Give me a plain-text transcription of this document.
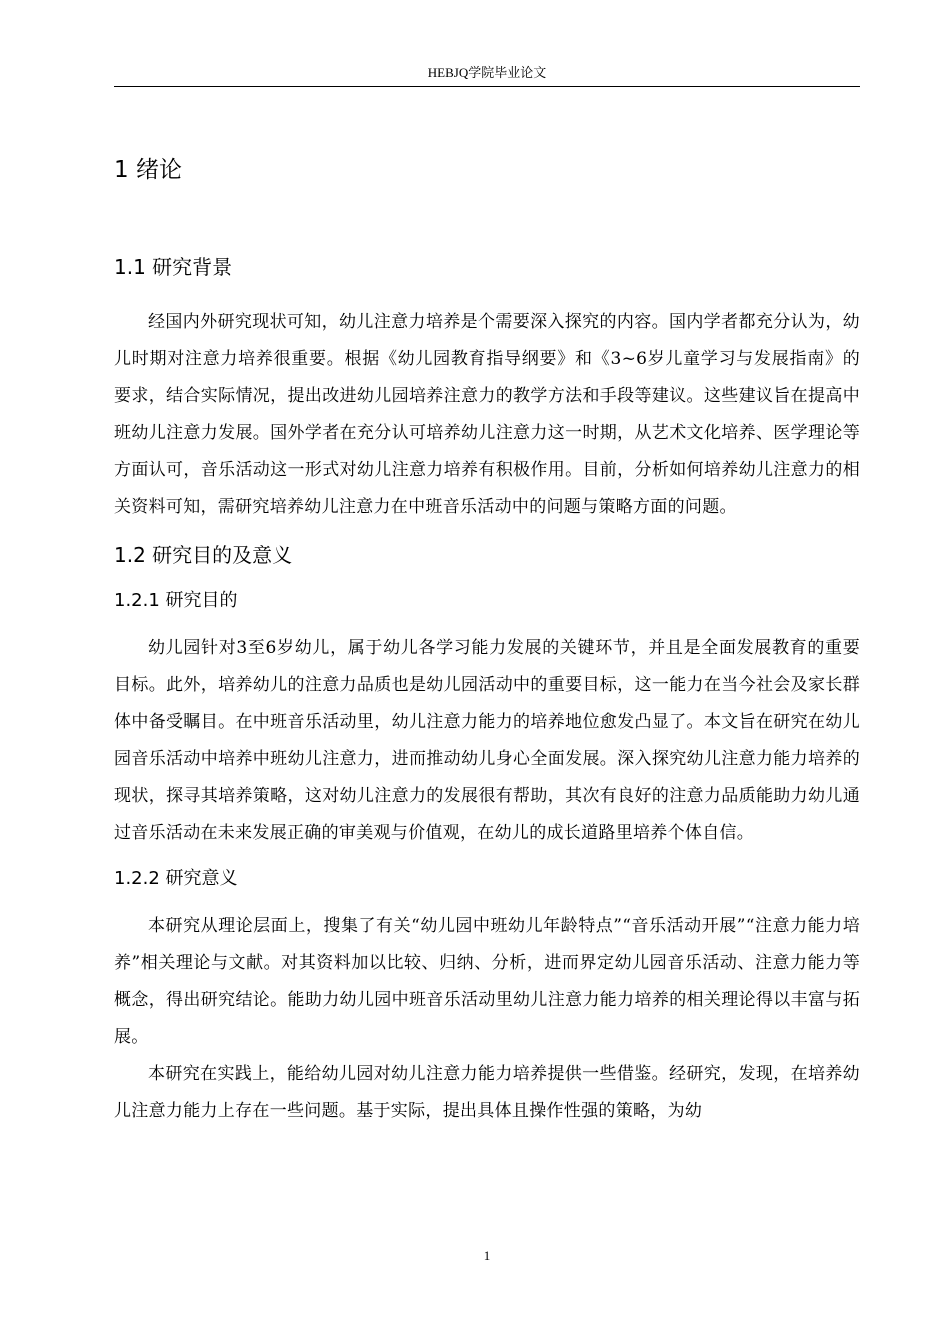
HEBJQ学院毕业论文
1 绪论
1.1 研究背景

经国内外研究现状可知，幼儿注意力培养是个需要深入探究的内容。国内学者都充分认为，幼儿时期对注意力培养很重要。根据《幼儿园教育指导纲要》和《3~6岁儿童学习与发展指南》的要求，结合实际情况，提出改进幼儿园培养注意力的教学方法和手段等建议。这些建议旨在提高中班幼儿注意力发展。国外学者在充分认可培养幼儿注意力这一时期，从艺术文化培养、医学理论等方面认可，音乐活动这一形式对幼儿注意力培养有积极作用。目前，分析如何培养幼儿注意力的相关资料可知，需研究培养幼儿注意力在中班音乐活动中的问题与策略方面的问题。

1.2 研究目的及意义
1.2.1 研究目的

幼儿园针对3至6岁幼儿，属于幼儿各学习能力发展的关键环节，并且是全面发展教育的重要目标。此外，培养幼儿的注意力品质也是幼儿园活动中的重要目标，这一能力在当今社会及家长群体中备受瞩目。在中班音乐活动里，幼儿注意力能力的培养地位愈发凸显了。本文旨在研究在幼儿园音乐活动中培养中班幼儿注意力，进而推动幼儿身心全面发展。深入探究幼儿注意力能力培养的现状，探寻其培养策略，这对幼儿注意力的发展很有帮助，其次有良好的注意力品质能助力幼儿通过音乐活动在未来发展正确的审美观与价值观，在幼儿的成长道路里培养个体自信。

1.2.2 研究意义

本研究从理论层面上，搜集了有关“幼儿园中班幼儿年龄特点”“音乐活动开展”“注意力能力培养”相关理论与文献。对其资料加以比较、归纳、分析，进而界定幼儿园音乐活动、注意力能力等概念，得出研究结论。能助力幼儿园中班音乐活动里幼儿注意力能力培养的相关理论得以丰富与拓展。

本研究在实践上，能给幼儿园对幼儿注意力能力培养提供一些借鉴。经研究，发现，在培养幼儿注意力能力上存在一些问题。基于实际，提出具体且操作性强的策略，为幼

1
